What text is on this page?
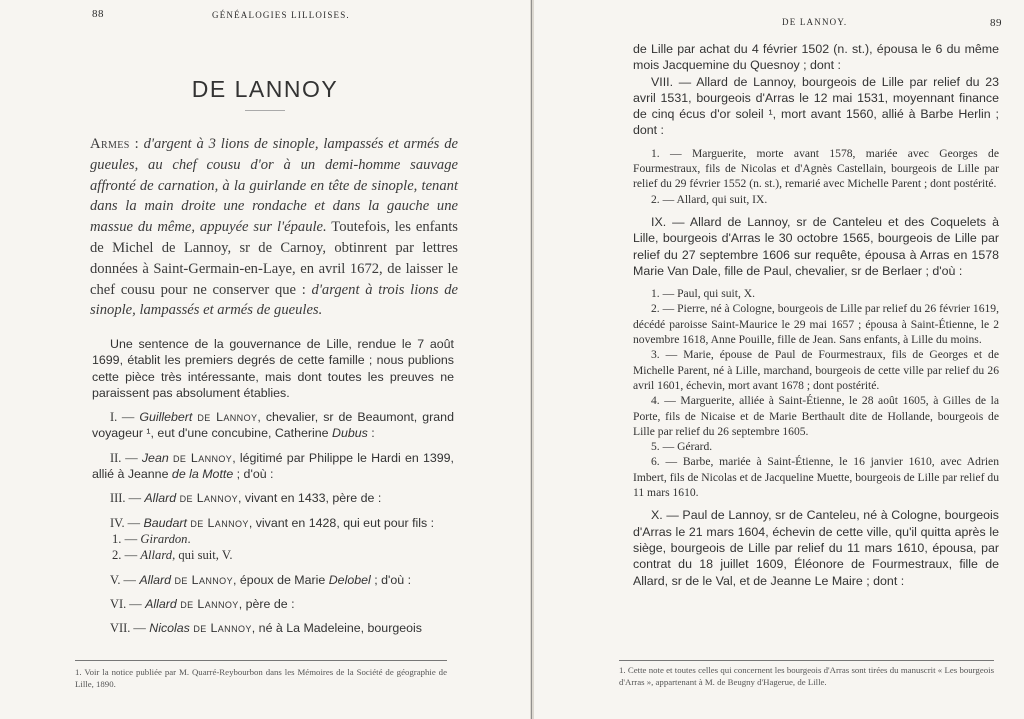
88	GÉNÉALOGIES LILLOISES.
DE LANNOY

Armes : d'argent à 3 lions de sinople, lampassés et armés de gueules, au chef cousu d'or à un demi-homme sauvage affronté de carnation, à la guirlande en tête de sinople, tenant dans la main droite une rondache et dans la gauche une massue du même, appuyée sur l'épaule. Toutefois, les enfants de Michel de Lannoy, sr de Carnoy, obtinrent par lettres données à Saint-Germain-en-Laye, en avril 1672, de laisser le chef cousu pour ne conserver que : d'argent à trois lions de sinople, lampassés et armés de gueules.

Une sentence de la gouvernance de Lille, rendue le 7 août 1699, établit les premiers degrés de cette famille ; nous publions cette pièce très intéressante, mais dont toutes les preuves ne paraissent pas absolument établies.

I. — Guillebert de Lannoy, chevalier, sr de Beaumont, grand voyageur ¹, eut d'une concubine, Catherine Dubus :

II. — Jean de Lannoy, légitimé par Philippe le Hardi en 1399, allié à Jeanne de la Motte ; d'où :

III. — Allard de Lannoy, vivant en 1433, père de :

IV. — Baudart de Lannoy, vivant en 1428, qui eut pour fils :

1. — Girardon.

2. — Allard, qui suit, V.

V. — Allard de Lannoy, époux de Marie Delobel ; d'où :

VI. — Allard de Lannoy, père de :

VII. — Nicolas de Lannoy, né à La Madeleine, bourgeois

1. Voir la notice publiée par M. Quarré-Reybourbon dans les Mémoires de la Société de géographie de Lille, 1890.
DE LANNOY.	89

de Lille par achat du 4 février 1502 (n. st.), épousa le 6 du même mois Jacquemine du Quesnoy ; dont :

VIII. — Allard de Lannoy, bourgeois de Lille par relief du 23 avril 1531, bourgeois d'Arras le 12 mai 1531, moyennant finance de cinq écus d'or soleil ¹, mort avant 1560, allié à Barbe Herlin ; dont :

1. — Marguerite, morte avant 1578, mariée avec Georges de Fourmestraux, fils de Nicolas et d'Agnès Castellain, bourgeois de Lille par relief du 29 février 1552 (n. st.), remarié avec Michelle Parent ; dont postérité.

2. — Allard, qui suit, IX.

IX. — Allard de Lannoy, sr de Canteleu et des Coquelets à Lille, bourgeois d'Arras le 30 octobre 1565, bourgeois de Lille par relief du 27 septembre 1606 sur requête, épousa à Arras en 1578 Marie Van Dale, fille de Paul, chevalier, sr de Berlaer ; d'où :

1. — Paul, qui suit, X.

2. — Pierre, né à Cologne, bourgeois de Lille par relief du 26 février 1619, décédé paroisse Saint-Maurice le 29 mai 1657 ; épousa à Saint-Étienne, le 2 novembre 1618, Anne Pouille, fille de Jean. Sans enfants, à Lille du moins.

3. — Marie, épouse de Paul de Fourmestraux, fils de Georges et de Michelle Parent, né à Lille, marchand, bourgeois de cette ville par relief du 26 avril 1601, échevin, mort avant 1678 ; dont postérité.

4. — Marguerite, alliée à Saint-Étienne, le 28 août 1605, à Gilles de la Porte, fils de Nicaise et de Marie Berthault dite de Hollande, bourgeois de Lille par relief du 26 septembre 1605.

5. — Gérard.

6. — Barbe, mariée à Saint-Étienne, le 16 janvier 1610, avec Adrien Imbert, fils de Nicolas et de Jacqueline Muette, bourgeois de Lille par relief du 11 mars 1610.

X. — Paul de Lannoy, sr de Canteleu, né à Cologne, bourgeois d'Arras le 21 mars 1604, échevin de cette ville, qu'il quitta après le siège, bourgeois de Lille par relief du 11 mars 1610, épousa, par contrat du 18 juillet 1609, Éléonore de Fourmestraux, fille de Allard, sr de le Val, et de Jeanne Le Maire ; dont :

1. Cette note et toutes celles qui concernent les bourgeois d'Arras sont tirées du manuscrit « Les bourgeois d'Arras », appartenant à M. de Beugny d'Hagerue, de Lille.
